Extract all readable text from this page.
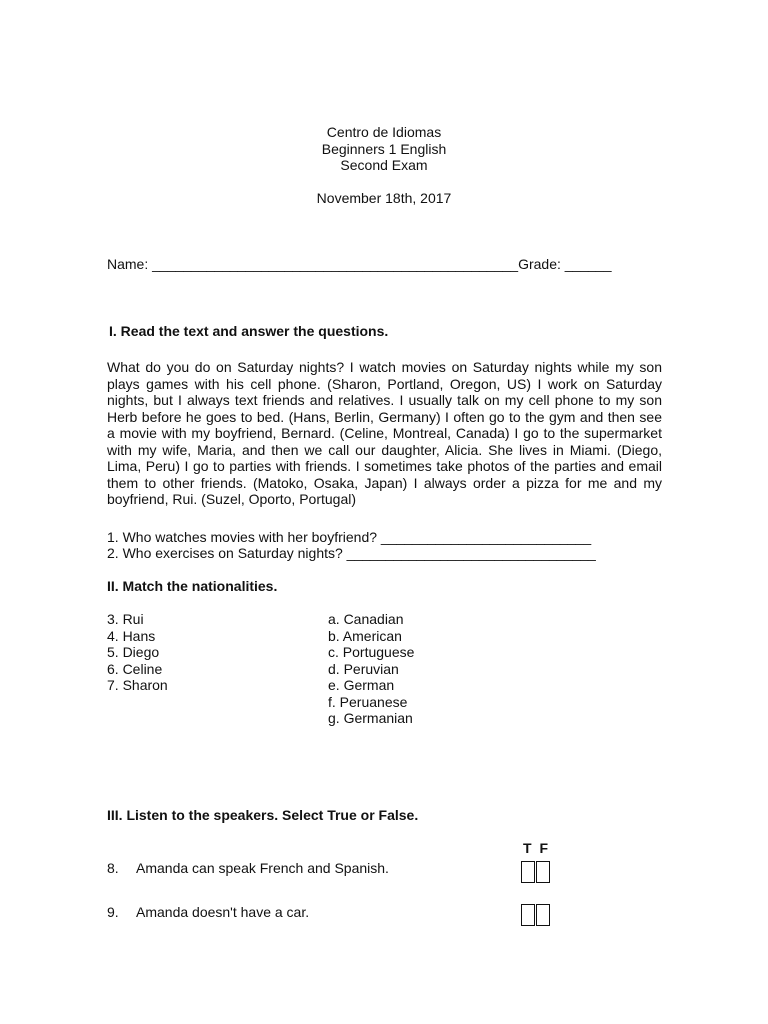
Centro de Idiomas
Beginners 1 English
Second Exam
November 18th, 2017
Name: _______________________________________________Grade: ______
I. Read the text and answer the questions.

What do you do on Saturday nights? I watch movies on Saturday nights while my son plays games with his cell phone. (Sharon, Portland, Oregon, US) I work on Saturday nights, but I always text friends and relatives. I usually talk on my cell phone to my son Herb before he goes to bed. (Hans, Berlin, Germany) I often go to the gym and then see a movie with my boyfriend, Bernard. (Celine, Montreal, Canada) I go to the supermarket with my wife, Maria, and then we call our daughter, Alicia. She lives in Miami. (Diego, Lima, Peru) I go to parties with friends. I sometimes take photos of the parties and email them to other friends. (Matoko, Osaka, Japan) I always order a pizza for me and my boyfriend, Rui. (Suzel, Oporto, Portugal)

1. Who watches movies with her boyfriend? ___________________________
2. Who exercises on Saturday nights? ________________________________
II. Match the nationalities.
3. Rui
4. Hans
5. Diego
6. Celine
7. Sharon
a. Canadian
b. American
c. Portuguese
d. Peruvian
e. German
f. Peruanese
g. Germanian
III. Listen to the speakers. Select True or False.
T F
8. Amanda can speak French and Spanish.
9. Amanda doesn't have a car.
